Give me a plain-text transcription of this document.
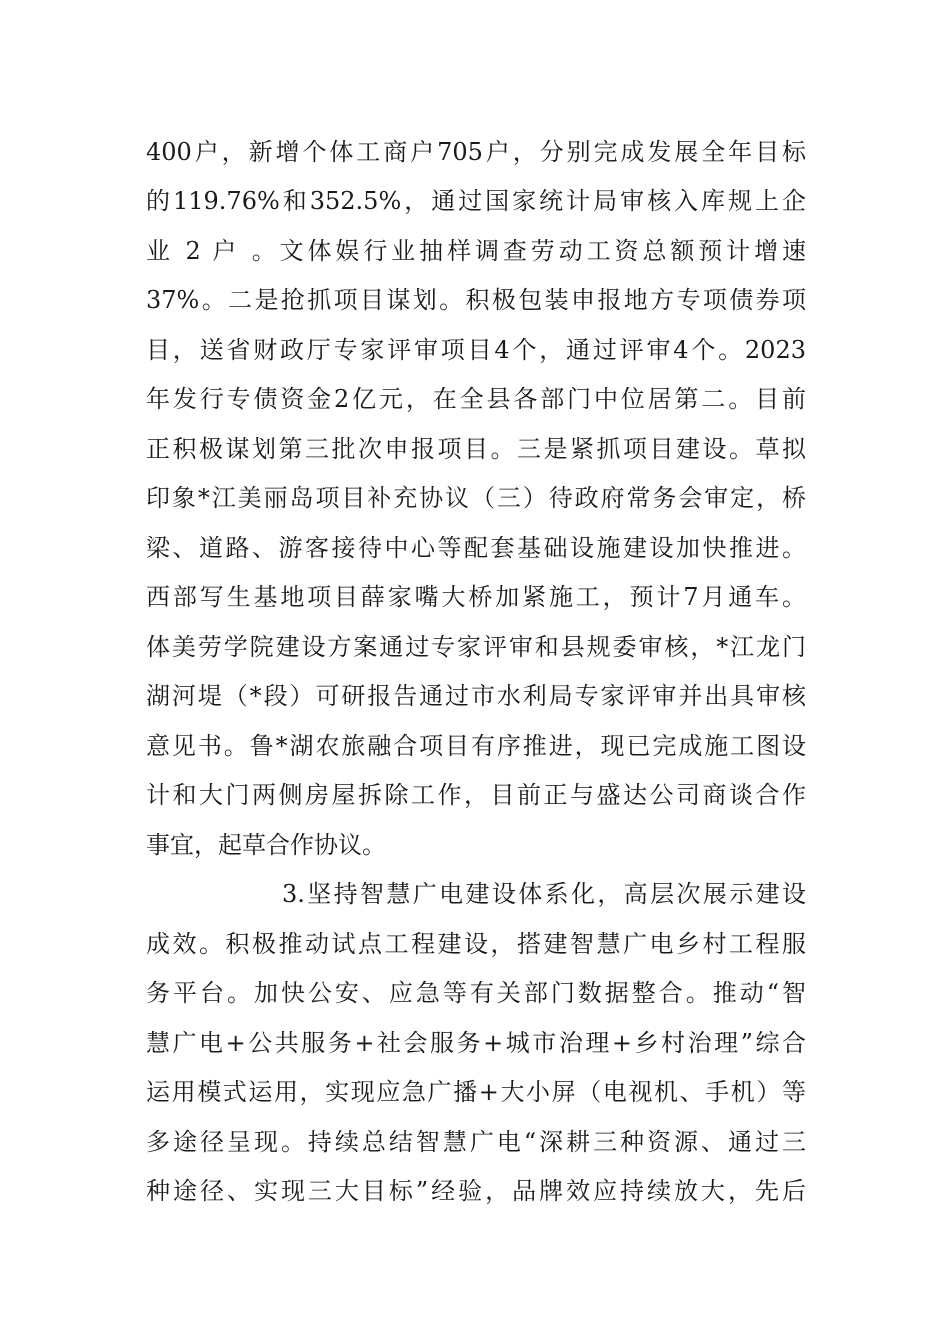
400户，新增个体工商户705户，分别完成发展全年目标
的119.76%和352.5%，通过国家统计局审核入库规上企
业 2 户 。文体娱行业抽样调查劳动工资总额预计增速
37%。二是抢抓项目谋划。积极包装申报地方专项债券项
目，送省财政厅专家评审项目4个，通过评审4个。2023
年发行专债资金2亿元，在全县各部门中位居第二。目前
正积极谋划第三批次申报项目。三是紧抓项目建设。草拟
印象*江美丽岛项目补充协议（三）待政府常务会审定，桥
梁、道路、游客接待中心等配套基础设施建设加快推进。
西部写生基地项目薛家嘴大桥加紧施工，预计7月通车。
体美劳学院建设方案通过专家评审和县规委审核，*江龙门
湖河堤（*段）可研报告通过市水利局专家评审并出具审核
意见书。鲁*湖农旅融合项目有序推进，现已完成施工图设
计和大门两侧房屋拆除工作，目前正与盛达公司商谈合作
事宜，起草合作协议。
3.坚持智慧广电建设体系化，高层次展示建设
成效。积极推动试点工程建设，搭建智慧广电乡村工程服
务平台。加快公安、应急等有关部门数据整合。推动“智
慧广电+公共服务+社会服务+城市治理+乡村治理”综合
运用模式运用，实现应急广播+大小屏（电视机、手机）等
多途径呈现。持续总结智慧广电“深耕三种资源、通过三
种途径、实现三大目标”经验，品牌效应持续放大，先后
